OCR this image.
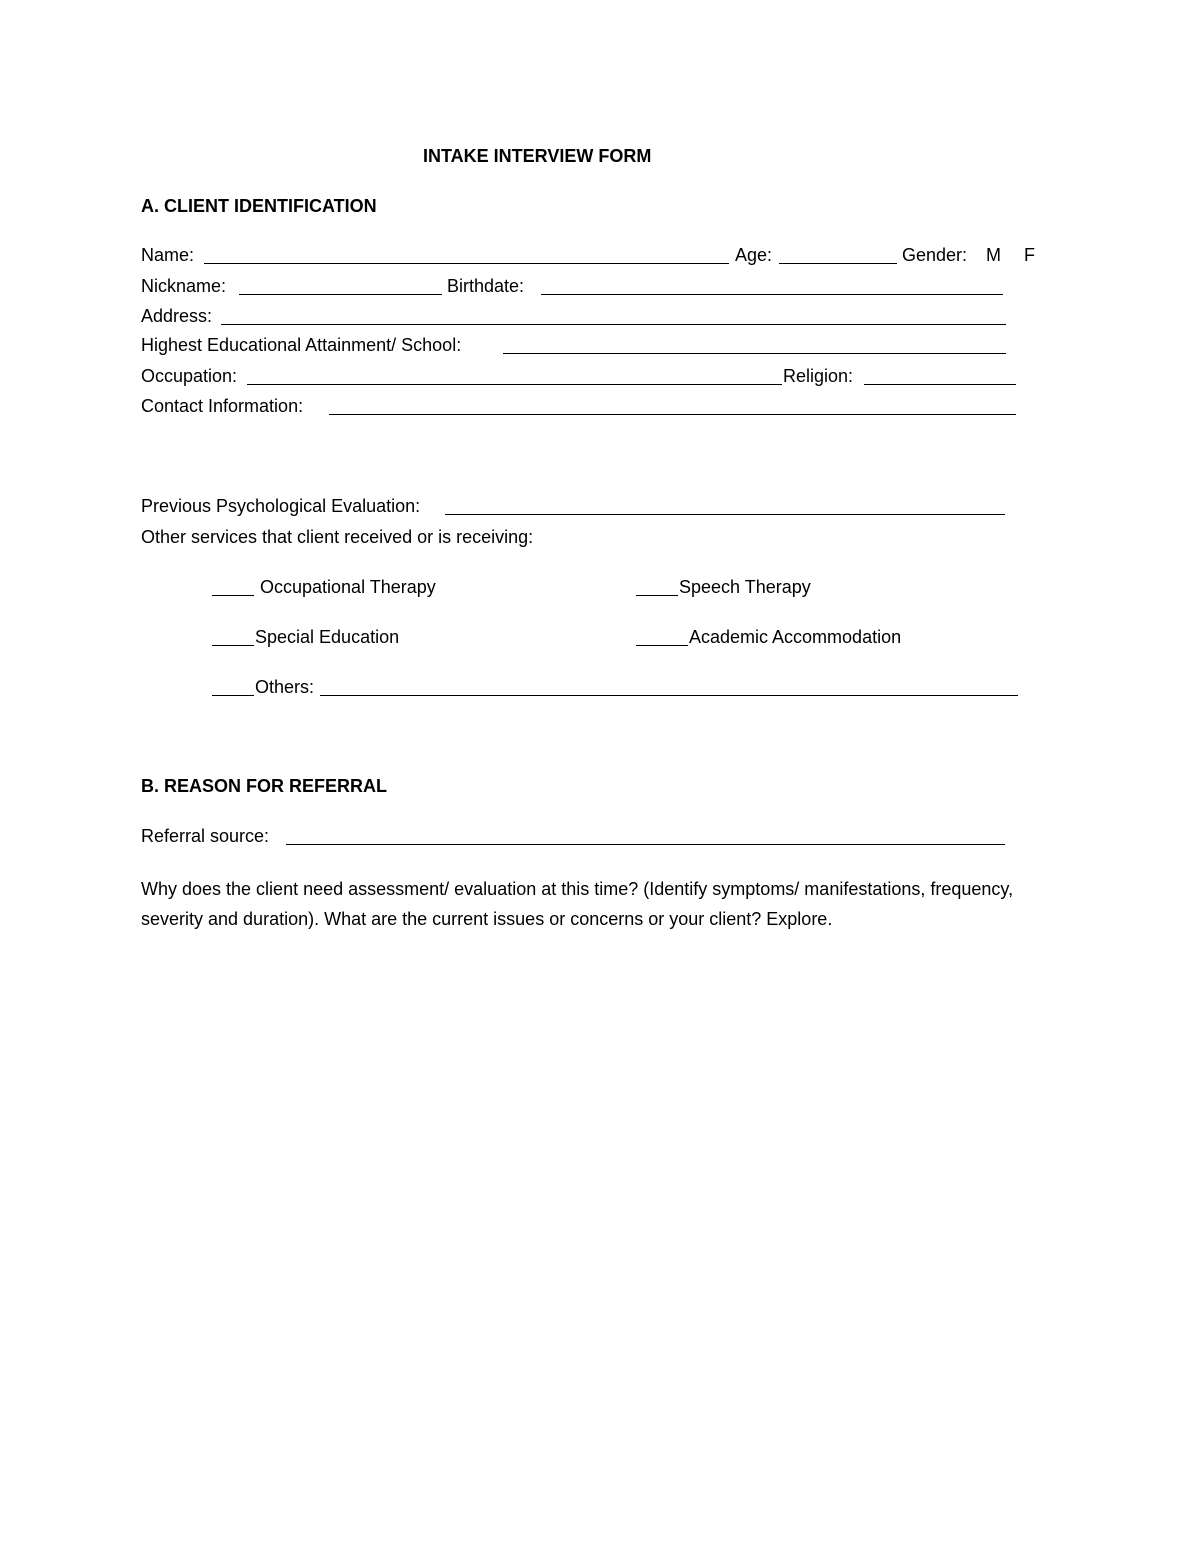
INTAKE INTERVIEW FORM
A. CLIENT IDENTIFICATION
Name:	Age:	Gender: M F
Nickname:	Birthdate:
Address:
Highest Educational Attainment/ School:
Occupation:	Religion:
Contact Information:
Previous Psychological Evaluation:
Other services that client received or is receiving:
Occupational Therapy	Speech Therapy
Special Education	Academic Accommodation
Others:
B. REASON FOR REFERRAL
Referral source:
Why does the client need assessment/ evaluation at this time? (Identify symptoms/ manifestations, frequency, severity and duration). What are the current issues or concerns or your client? Explore.
